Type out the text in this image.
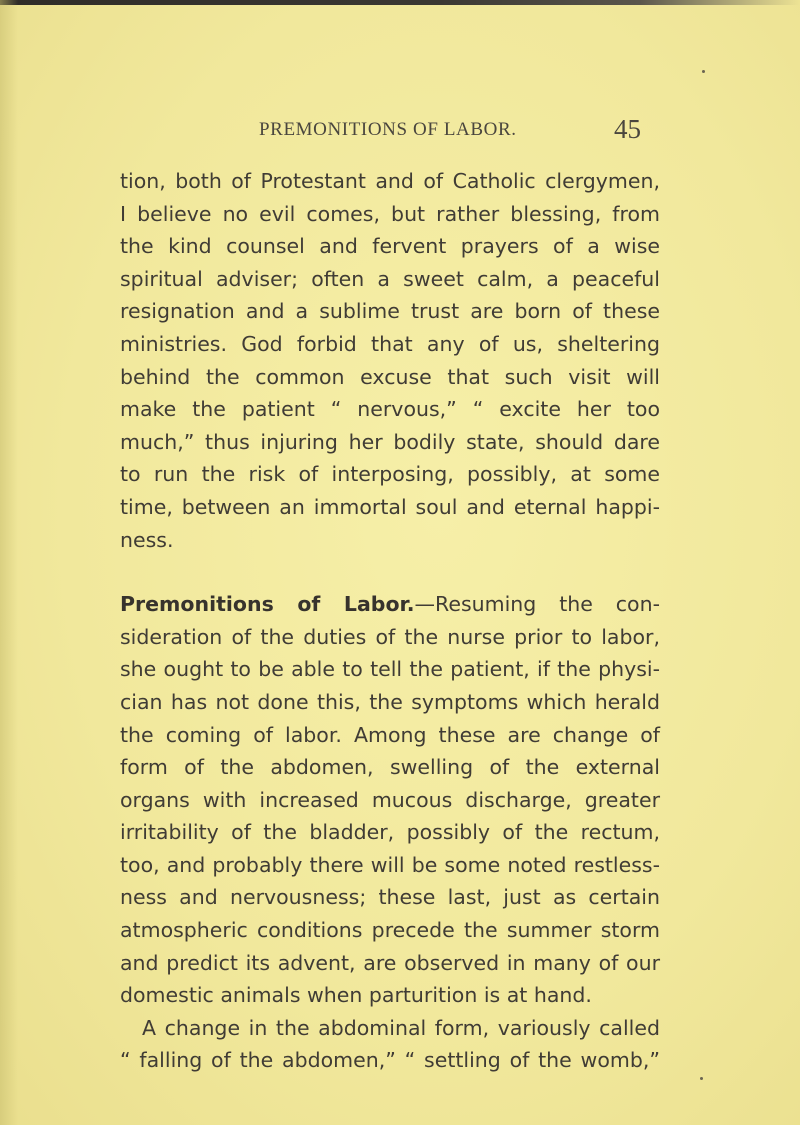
PREMONITIONS OF LABOR.	45
tion, both of Protestant and of Catholic clergymen,
I believe no evil comes, but rather blessing, from
the kind counsel and fervent prayers of a wise
spiritual adviser; often a sweet calm, a peaceful
resignation and a sublime trust are born of these
ministries. God forbid that any of us, sheltering
behind the common excuse that such visit will
make the patient “ nervous,” “ excite her too
much,” thus injuring her bodily state, should dare
to run the risk of interposing, possibly, at some
time, between an immortal soul and eternal happi-
ness.
Premonitions of Labor.—Resuming the con-
sideration of the duties of the nurse prior to labor,
she ought to be able to tell the patient, if the physi-
cian has not done this, the symptoms which herald
the coming of labor. Among these are change of
form of the abdomen, swelling of the external
organs with increased mucous discharge, greater
irritability of the bladder, possibly of the rectum,
too, and probably there will be some noted restless-
ness and nervousness; these last, just as certain
atmospheric conditions precede the summer storm
and predict its advent, are observed in many of our
domestic animals when parturition is at hand.
A change in the abdominal form, variously called
“ falling of the abdomen,” “ settling of the womb,”
